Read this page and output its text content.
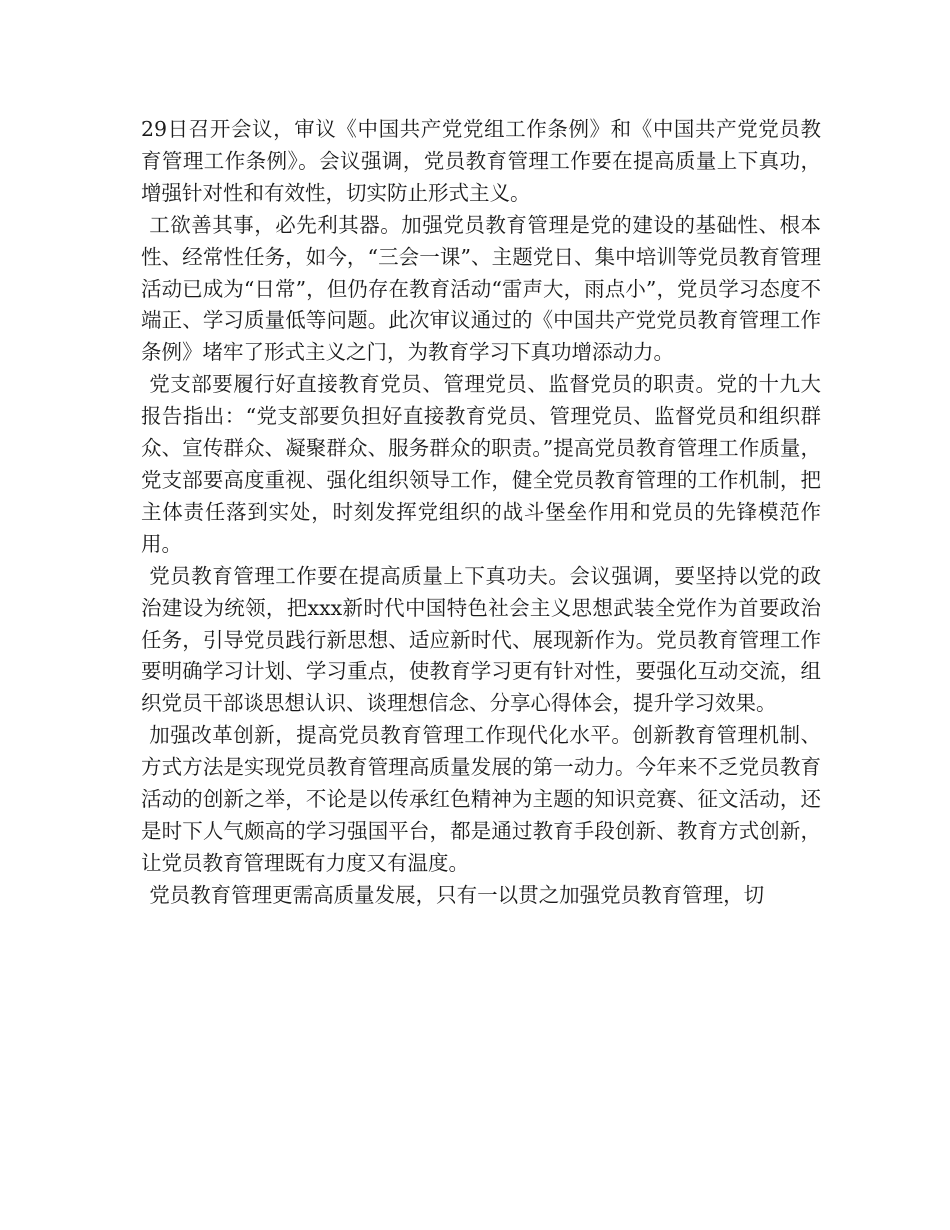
29日召开会议，审议《中国共产党党组工作条例》和《中国共产党党员教育管理工作条例》。会议强调，党员教育管理工作要在提高质量上下真功，增强针对性和有效性，切实防止形式主义。

工欲善其事，必先利其器。加强党员教育管理是党的建设的基础性、根本性、经常性任务，如今，“三会一课”、主题党日、集中培训等党员教育管理活动已成为“日常”，但仍存在教育活动“雷声大，雨点小”，党员学习态度不端正、学习质量低等问题。此次审议通过的《中国共产党党员教育管理工作条例》堵牢了形式主义之门，为教育学习下真功增添动力。

党支部要履行好直接教育党员、管理党员、监督党员的职责。党的十九大报告指出：“党支部要负担好直接教育党员、管理党员、监督党员和组织群众、宣传群众、凝聚群众、服务群众的职责。”提高党员教育管理工作质量，党支部要高度重视、强化组织领导工作，健全党员教育管理的工作机制，把主体责任落到实处，时刻发挥党组织的战斗堡垒作用和党员的先锋模范作用。

党员教育管理工作要在提高质量上下真功夫。会议强调，要坚持以党的政治建设为统领，把xxx新时代中国特色社会主义思想武装全党作为首要政治任务，引导党员践行新思想、适应新时代、展现新作为。党员教育管理工作要明确学习计划、学习重点，使教育学习更有针对性，要强化互动交流，组织党员干部谈思想认识、谈理想信念、分享心得体会，提升学习效果。

加强改革创新，提高党员教育管理工作现代化水平。创新教育管理机制、方式方法是实现党员教育管理高质量发展的第一动力。今年来不乏党员教育活动的创新之举，不论是以传承红色精神为主题的知识竞赛、征文活动，还是时下人气颇高的学习强国平台，都是通过教育手段创新、教育方式创新，让党员教育管理既有力度又有温度。

党员教育管理更需高质量发展，只有一以贯之加强党员教育管理，切
